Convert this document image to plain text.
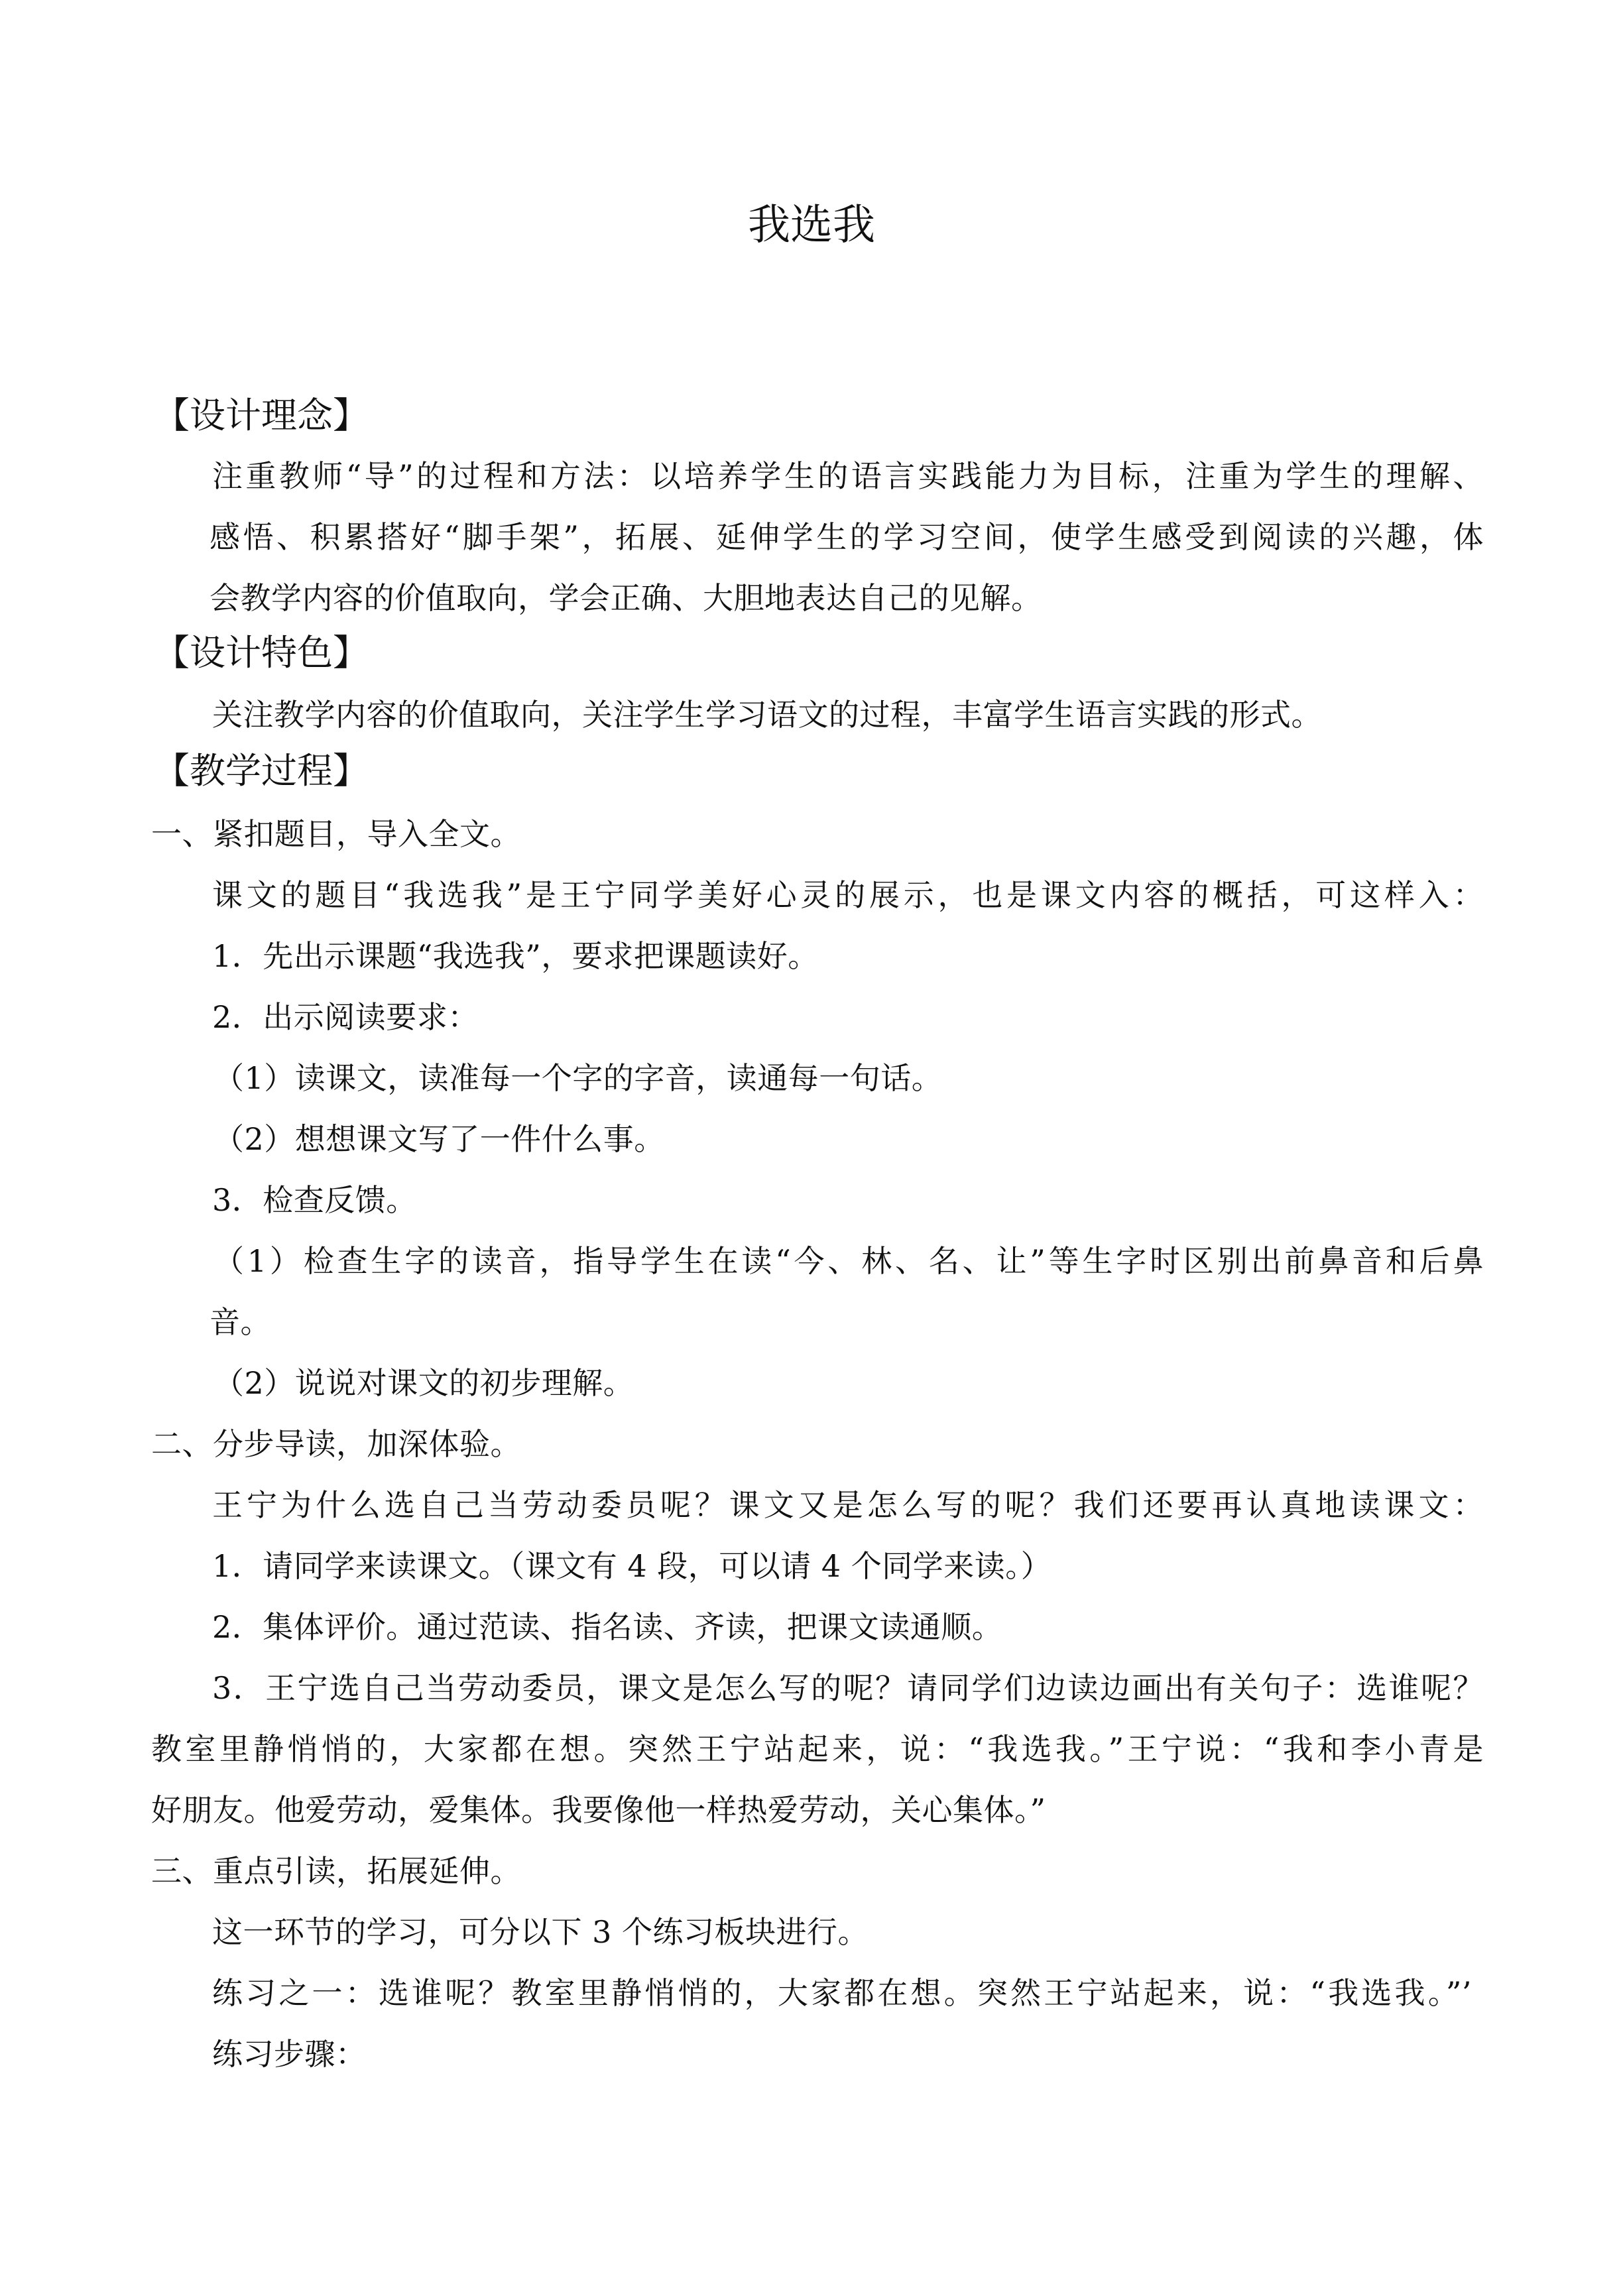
我选我
【设计理念】
注重教师“导”的过程和方法：以培养学生的语言实践能力为目标，注重为学生的理解、
感悟、积累搭好“脚手架”，拓展、延伸学生的学习空间，使学生感受到阅读的兴趣，体
会教学内容的价值取向，学会正确、大胆地表达自己的见解。
【设计特色】
关注教学内容的价值取向，关注学生学习语文的过程，丰富学生语言实践的形式。
【教学过程】
一、紧扣题目，导入全文。
课文的题目“我选我”是王宁同学美好心灵的展示，也是课文内容的概括，可这样入：
1．先出示课题“我选我”，要求把课题读好。
2．出示阅读要求：
（1）读课文，读准每一个字的字音，读通每一句话。
（2）想想课文写了一件什么事。
3．检查反馈。
（1）检查生字的读音，指导学生在读“今、林、名、让”等生字时区别出前鼻音和后鼻
音。
（2）说说对课文的初步理解。
二、分步导读，加深体验。
王宁为什么选自己当劳动委员呢？课文又是怎么写的呢？我们还要再认真地读课文：
1．请同学来读课文。（课文有 4 段，可以请 4 个同学来读。）
2．集体评价。通过范读、指名读、齐读，把课文读通顺。
3．王宁选自己当劳动委员，课文是怎么写的呢？请同学们边读边画出有关句子：选谁呢？
教室里静悄悄的，大家都在想。突然王宁站起来，说：“我选我。”王宁说：“我和李小青是
好朋友。他爱劳动，爱集体。我要像他一样热爱劳动，关心集体。”
三、重点引读，拓展延伸。
这一环节的学习，可分以下 3 个练习板块进行。
练习之一：选谁呢？教室里静悄悄的，大家都在想。突然王宁站起来，说：“我选我。”’
练习步骤：
